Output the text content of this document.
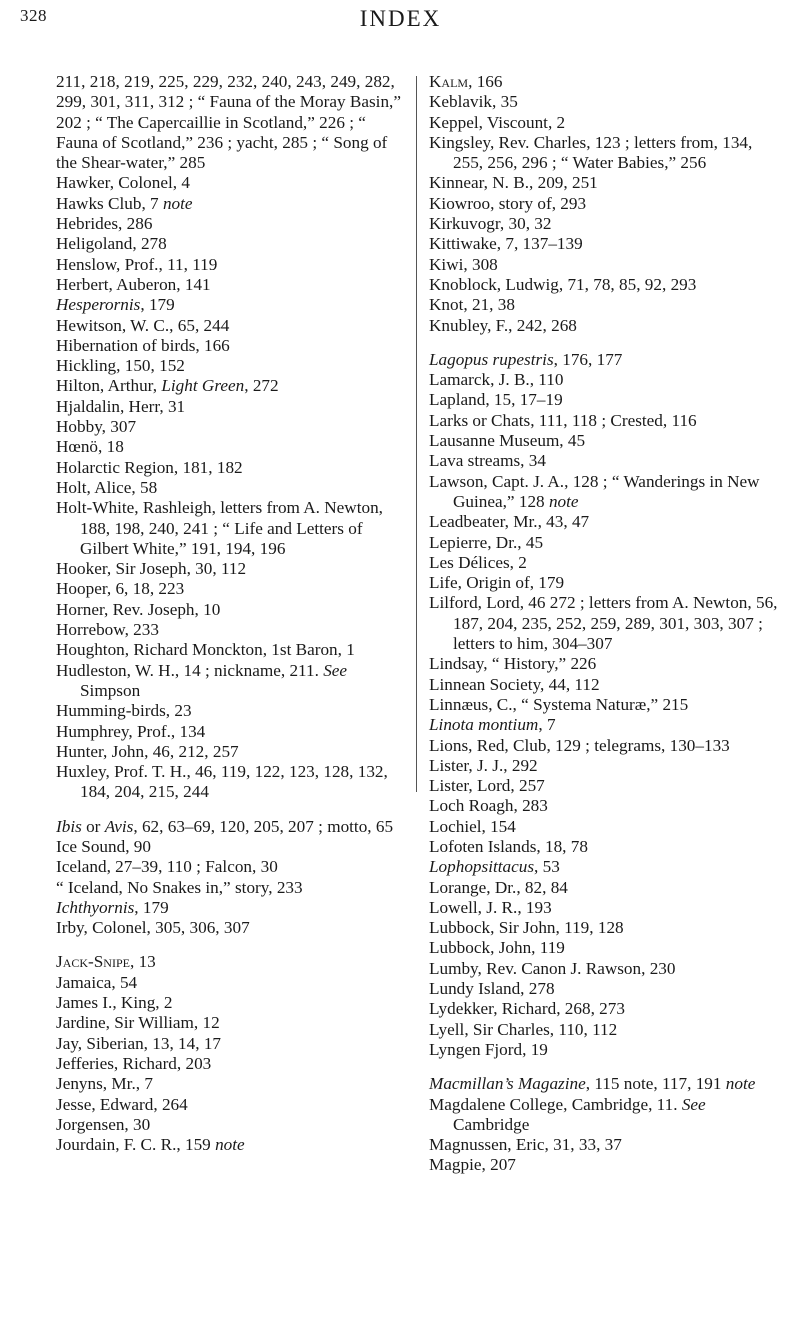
328	INDEX
211, 218, 219, 225, 229, 232, 240, 243, 249, 282, 299, 301, 311, 312 ; “ Fauna of the Moray Basin,” 202 ; “ The Capercaillie in Scotland,” 226 ; “ Fauna of Scotland,” 236 ; yacht, 285 ; “ Song of the Shear-water,” 285
Hawker, Colonel, 4
Hawks Club, 7 note
Hebrides, 286
Heligoland, 278
Henslow, Prof., 11, 119
Herbert, Auberon, 141
Hesperornis, 179
Hewitson, W. C., 65, 244
Hibernation of birds, 166
Hickling, 150, 152
Hilton, Arthur, Light Green, 272
Hjaldalin, Herr, 31
Hobby, 307
Hœnö, 18
Holarctic Region, 181, 182
Holt, Alice, 58
Holt-White, Rashleigh, letters from A. Newton, 188, 198, 240, 241 ; “ Life and Letters of Gilbert White,” 191, 194, 196
Hooker, Sir Joseph, 30, 112
Hooper, 6, 18, 223
Horner, Rev. Joseph, 10
Horrebow, 233
Houghton, Richard Monckton, 1st Baron, 1
Hudleston, W. H., 14 ; nickname, 211. See Simpson
Humming-birds, 23
Humphrey, Prof., 134
Hunter, John, 46, 212, 257
Huxley, Prof. T. H., 46, 119, 122, 123, 128, 132, 184, 204, 215, 244
Ibis or Avis, 62, 63–69, 120, 205, 207 ; motto, 65
Ice Sound, 90
Iceland, 27–39, 110 ; Falcon, 30
“ Iceland, No Snakes in,” story, 233
Ichthyornis, 179
Irby, Colonel, 305, 306, 307
Jack-Snipe, 13
Jamaica, 54
James I., King, 2
Jardine, Sir William, 12
Jay, Siberian, 13, 14, 17
Jefferies, Richard, 203
Jenyns, Mr., 7
Jesse, Edward, 264
Jorgensen, 30
Jourdain, F. C. R., 159 note
Kalm, 166
Keblavik, 35
Keppel, Viscount, 2
Kingsley, Rev. Charles, 123 ; letters from, 134, 255, 256, 296 ; “ Water Babies,” 256
Kinnear, N. B., 209, 251
Kiowroo, story of, 293
Kirkuvogr, 30, 32
Kittiwake, 7, 137–139
Kiwi, 308
Knoblock, Ludwig, 71, 78, 85, 92, 293
Knot, 21, 38
Knubley, F., 242, 268
Lagopus rupestris, 176, 177
Lamarck, J. B., 110
Lapland, 15, 17–19
Larks or Chats, 111, 118 ; Crested, 116
Lausanne Museum, 45
Lava streams, 34
Lawson, Capt. J. A., 128 ; “ Wanderings in New Guinea,” 128 note
Leadbeater, Mr., 43, 47
Lepierre, Dr., 45
Les Délices, 2
Life, Origin of, 179
Lilford, Lord, 46 272 ; letters from A. Newton, 56, 187, 204, 235, 252, 259, 289, 301, 303, 307 ; letters to him, 304–307
Lindsay, “ History,” 226
Linnean Society, 44, 112
Linnæus, C., “ Systema Naturæ,” 215
Linota montium, 7
Lions, Red, Club, 129 ; telegrams, 130–133
Lister, J. J., 292
Lister, Lord, 257
Loch Roagh, 283
Lochiel, 154
Lofoten Islands, 18, 78
Lophopsittacus, 53
Lorange, Dr., 82, 84
Lowell, J. R., 193
Lubbock, Sir John, 119, 128
Lubbock, John, 119
Lumby, Rev. Canon J. Rawson, 230
Lundy Island, 278
Lydekker, Richard, 268, 273
Lyell, Sir Charles, 110, 112
Lyngen Fjord, 19
Macmillan’s Magazine, 115 note, 117, 191 note
Magdalene College, Cambridge, 11. See Cambridge
Magnussen, Eric, 31, 33, 37
Magpie, 207
